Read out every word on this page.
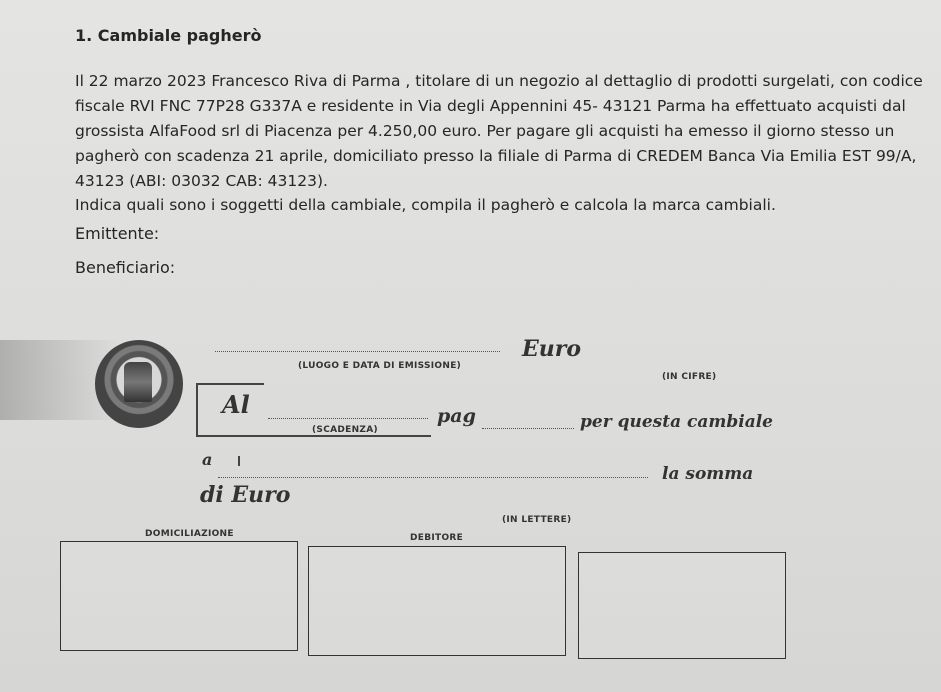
1. Cambiale pagherò
Il 22 marzo 2023 Francesco Riva di Parma , titolare di un negozio al dettaglio di prodotti surgelati, con codice
fiscale RVI FNC 77P28 G337A e residente in Via degli Appennini 45- 43121 Parma ha effettuato acquisti dal
grossista AlfaFood srl di Piacenza per 4.250,00 euro. Per pagare gli acquisti ha emesso il giorno stesso un
pagherò con scadenza 21 aprile, domiciliato presso la filiale di Parma di CREDEM Banca Via Emilia EST 99/A,
43123 (ABI: 03032 CAB: 43123).
Indica quali sono i soggetti della cambiale, compila il pagherò e calcola la marca cambiali.
Emittente:
Beneficiario:
(LUOGO E DATA DI EMISSIONE)
Euro
(IN CIFRE)
Al
(SCADENZA)
pag	per questa cambiale
a
la somma
di Euro
(IN LETTERE)
DOMICILIAZIONE	DEBITORE
